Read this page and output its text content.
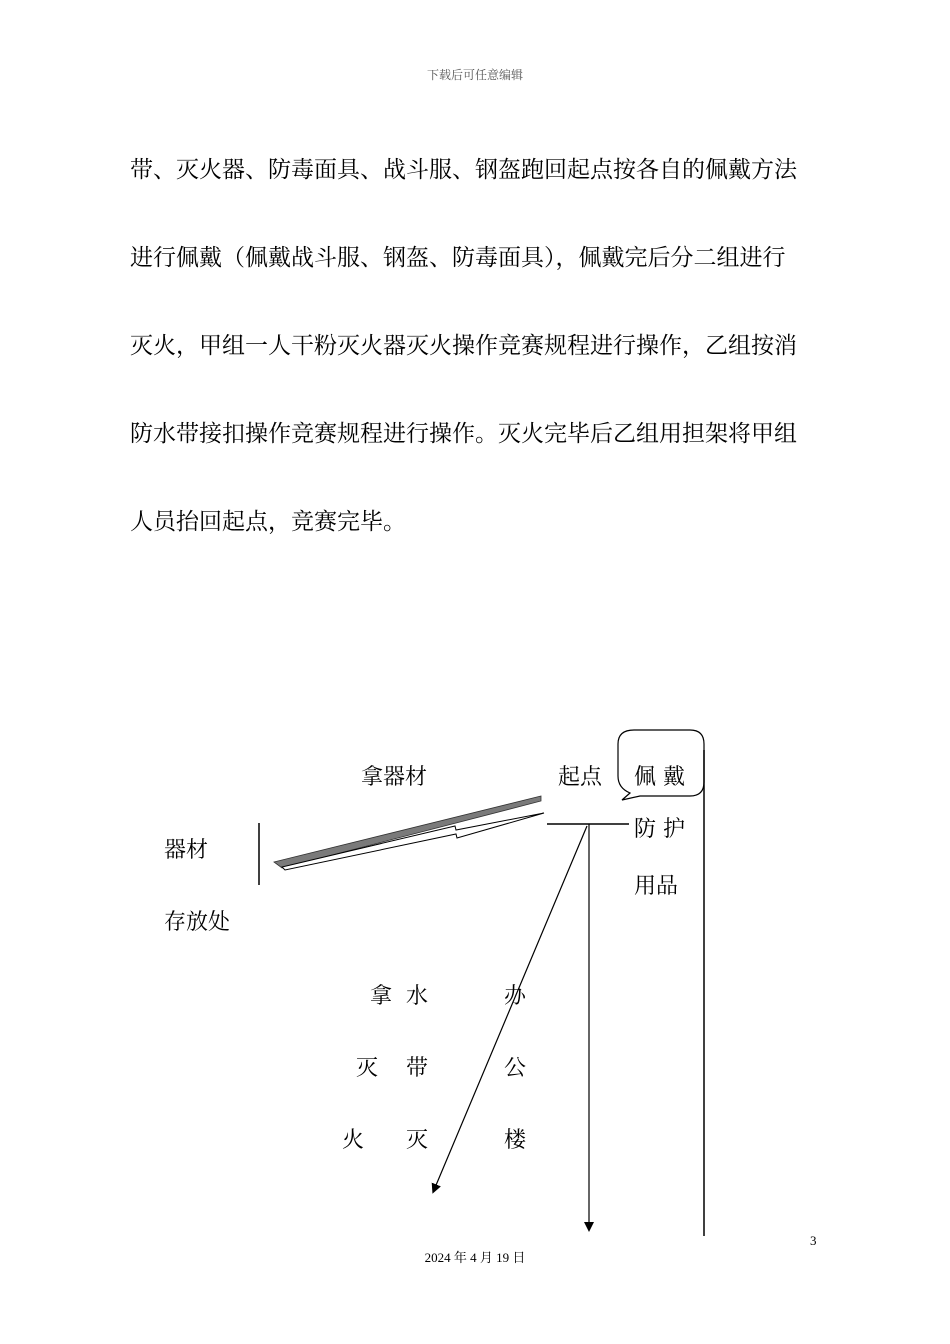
下载后可任意编辑
带、灭火器、防毒面具、战斗服、钢盔跑回起点按各自的佩戴方法
进行佩戴（佩戴战斗服、钢盔、防毒面具），佩戴完后分二组进行
灭火，甲组一人干粉灭火器灭火操作竞赛规程进行操作，乙组按消
防水带接扣操作竞赛规程进行操作。灭火完毕后乙组用担架将甲组
人员抬回起点，竞赛完毕。
拿器材	起点 佩 戴
防 护
用品
器材
存放处
拿
灭
火
水
带
灭
办
公
楼
3
2024 年 4 月 19 日
